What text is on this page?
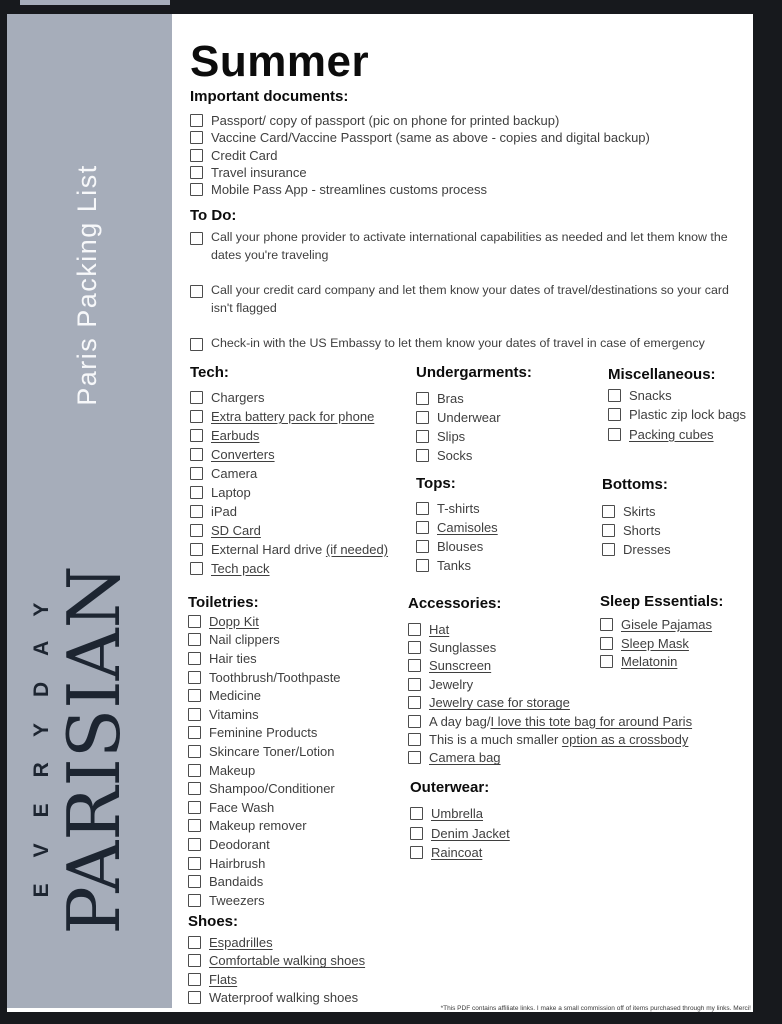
Paris Packing List
EVERYDAY PARISIAN
Summer
Important documents:
Passport/ copy of passport (pic on phone for printed backup)
Vaccine Card/Vaccine Passport (same as above - copies and digital backup)
Credit Card
Travel insurance
Mobile Pass App - streamlines customs process
To Do:
Call your phone provider to activate international capabilities as needed and let them know the dates you're traveling
Call your credit card company and let them know your dates of travel/destinations so your card isn't flagged
Check-in with the US Embassy to let them know your dates of travel in case of emergency
Tech:
Chargers
Extra battery pack for phone
Earbuds
Converters
Camera
Laptop
iPad
SD Card
External Hard drive (if needed)
Tech pack
Undergarments:
Bras
Underwear
Slips
Socks
Miscellaneous:
Snacks
Plastic zip lock bags
Packing cubes
Tops:
T-shirts
Camisoles
Blouses
Tanks
Bottoms:
Skirts
Shorts
Dresses
Toiletries:
Dopp Kit
Nail clippers
Hair ties
Toothbrush/Toothpaste
Medicine
Vitamins
Feminine Products
Skincare Toner/Lotion
Makeup
Shampoo/Conditioner
Face Wash
Makeup remover
Deodorant
Hairbrush
Bandaids
Tweezers
Accessories:
Hat
Sunglasses
Sunscreen
Jewelry
Jewelry case for storage
A day bag/I love this tote bag for around Paris
This is a much smaller option as a crossbody
Camera bag
Sleep Essentials:
Gisele Pajamas
Sleep Mask
Melatonin
Outerwear:
Umbrella
Denim Jacket
Raincoat
Shoes:
Espadrilles
Comfortable walking shoes
Flats
Waterproof walking shoes
*This PDF contains affiliate links. I make a small commission off of items purchased through my links. Merci!
